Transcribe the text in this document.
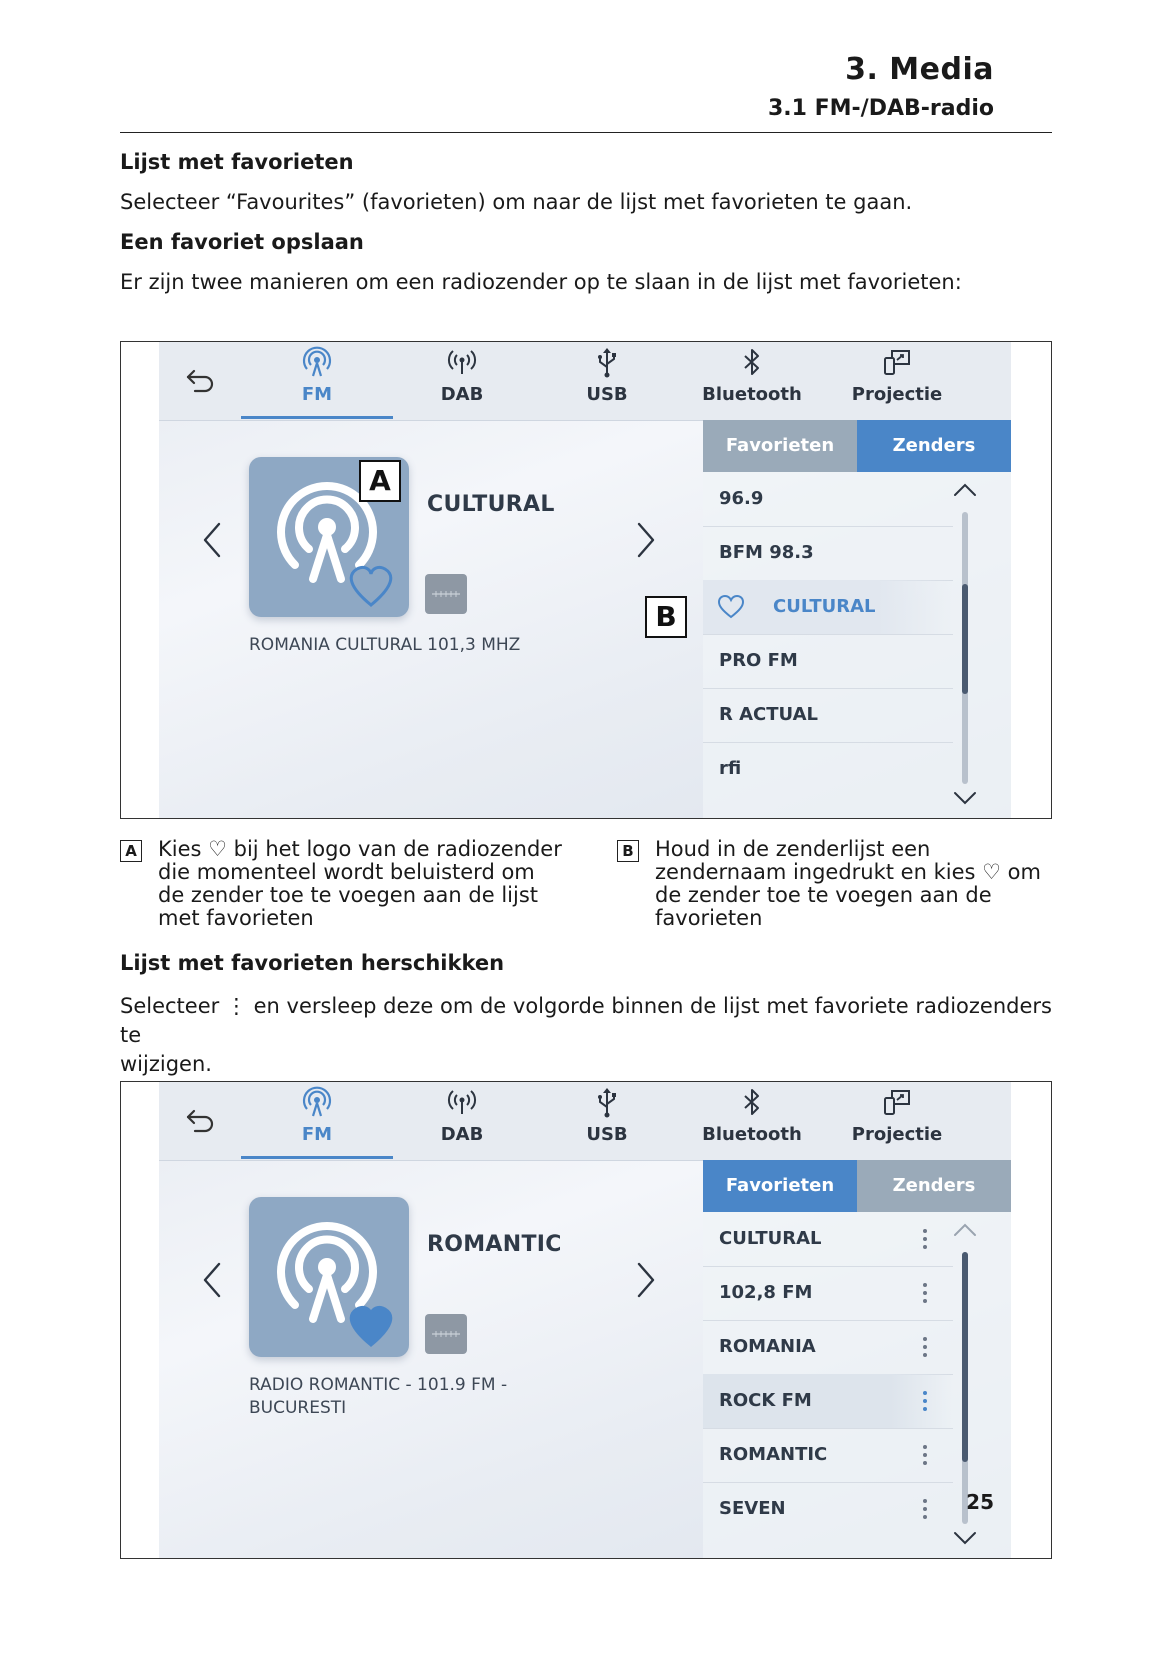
3. Media
3.1 FM-/DAB-radio
Lijst met favorieten
Selecteer “Favourites” (favorieten) om naar de lijst met favorieten te gaan.
Een favoriet opslaan
Er zijn twee manieren om een radiozender op te slaan in de lijst met favorieten:
FM	DAB	USB	Bluetooth	Projectie
CULTURAL
ROMANIA CULTURAL 101,3 MHZ
Favorieten	Zenders
96.9
BFM 98.3
CULTURAL
PRO FM
R ACTUAL
rfi
A
B
A Kies ♡ bij het logo van de radiozender
die momenteel wordt beluisterd om
de zender toe te voegen aan de lijst
met favorieten
B Houd in de zenderlijst een
zendernaam ingedrukt en kies ♡ om
de zender toe te voegen aan de
favorieten
Lijst met favorieten herschikken
Selecteer ⋮ en versleep deze om de volgorde binnen de lijst met favoriete radiozenders te
wijzigen.
FM	DAB	USB	Bluetooth	Projectie
ROMANTIC
RADIO ROMANTIC - 101.9 FM -
BUCURESTI
Favorieten	Zenders
CULTURAL
102,8 FM
ROMANIA
ROCK FM
ROMANTIC
SEVEN	25
